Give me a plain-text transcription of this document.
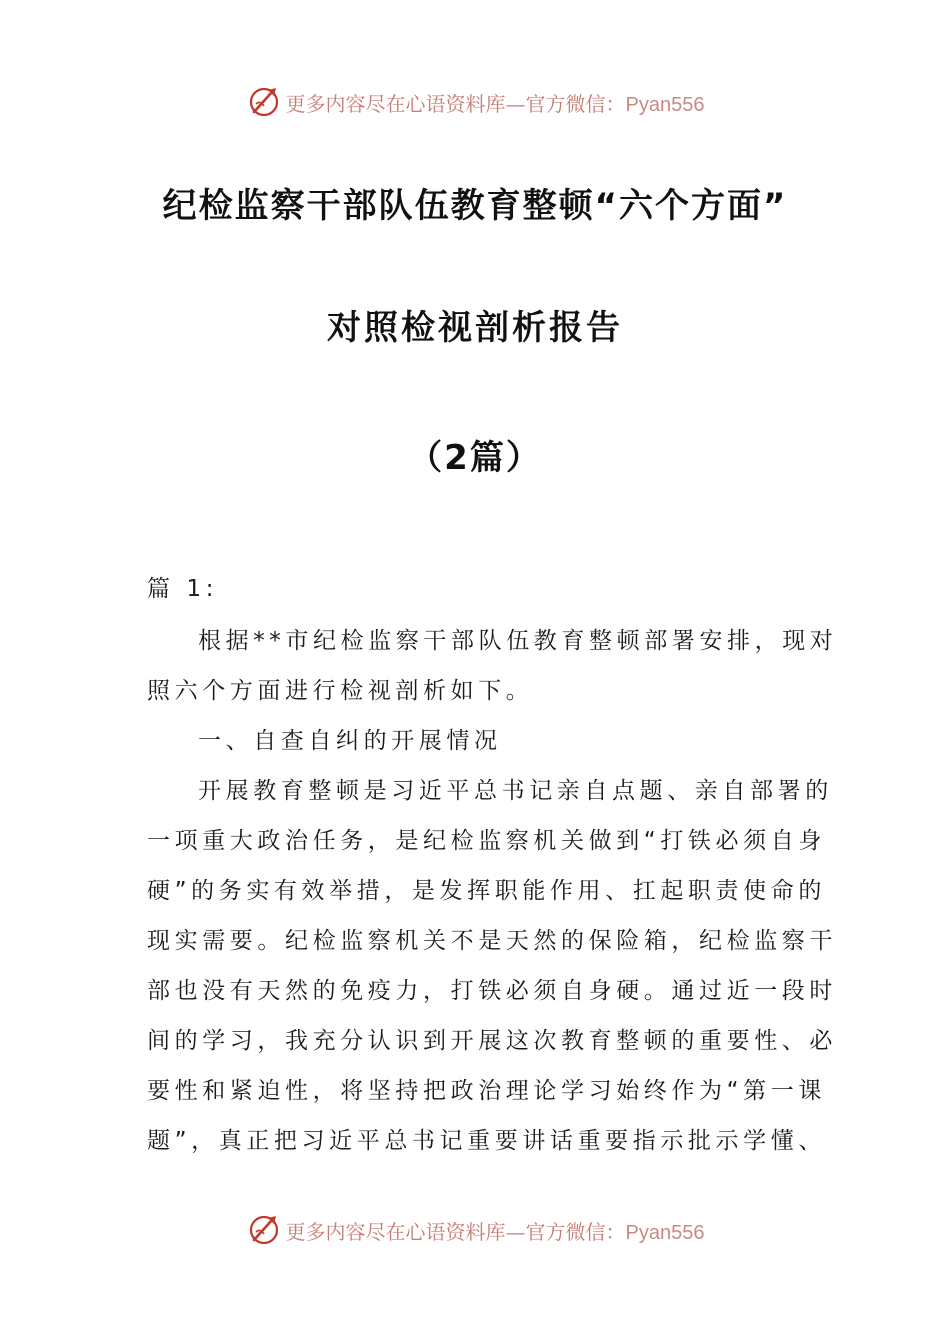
更多内容尽在心语资料库—官方微信：Pyan556
纪检监察干部队伍教育整顿“六个方面”
对照检视剖析报告
（2篇）
篇 1:
根据**市纪检监察干部队伍教育整顿部署安排，现对
照六个方面进行检视剖析如下。
一、自查自纠的开展情况
开展教育整顿是习近平总书记亲自点题、亲自部署的
一项重大政治任务，是纪检监察机关做到“打铁必须自身
硬”的务实有效举措，是发挥职能作用、扛起职责使命的
现实需要。纪检监察机关不是天然的保险箱，纪检监察干
部也没有天然的免疫力，打铁必须自身硬。通过近一段时
间的学习，我充分认识到开展这次教育整顿的重要性、必
要性和紧迫性，将坚持把政治理论学习始终作为“第一课
题”，真正把习近平总书记重要讲话重要指示批示学懂、
更多内容尽在心语资料库—官方微信：Pyan556
